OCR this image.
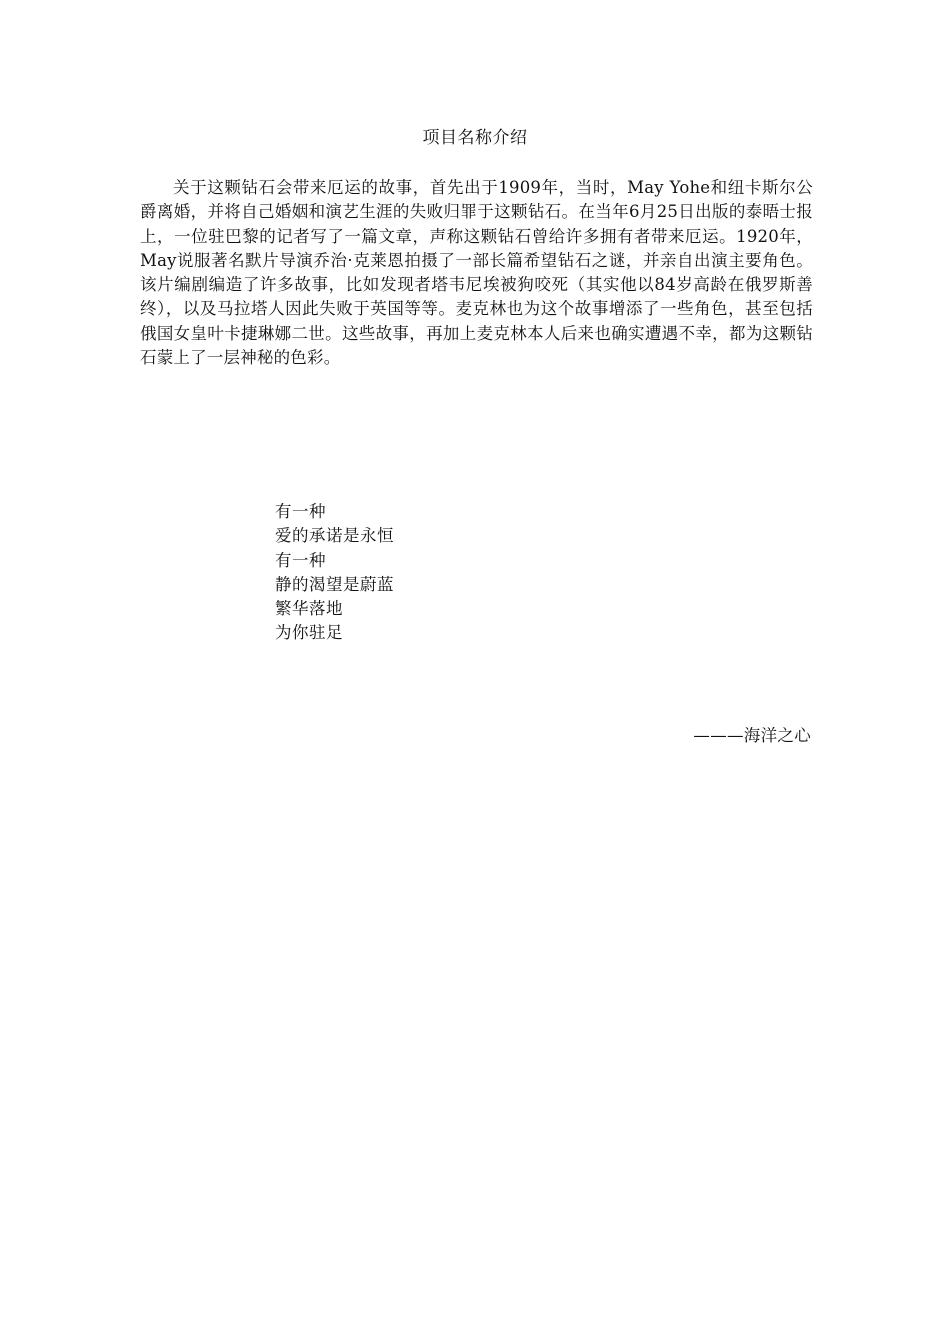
项目名称介绍

关于这颗钻石会带来厄运的故事，首先出于1909年，当时，May Yohe和纽卡斯尔公爵离婚，并将自己婚姻和演艺生涯的失败归罪于这颗钻石。在当年6月25日出版的泰晤士报上，一位驻巴黎的记者写了一篇文章，声称这颗钻石曾给许多拥有者带来厄运。1920年，May说服著名默片导演乔治·克莱恩拍摄了一部长篇希望钻石之谜，并亲自出演主要角色。该片编剧编造了许多故事，比如发现者塔韦尼埃被狗咬死（其实他以84岁高龄在俄罗斯善终），以及马拉塔人因此失败于英国等等。麦克林也为这个故事增添了一些角色，甚至包括俄国女皇叶卡捷琳娜二世。这些故事，再加上麦克林本人后来也确实遭遇不幸，都为这颗钻石蒙上了一层神秘的色彩。

有一种
爱的承诺是永恒
有一种
静的渴望是蔚蓝
繁华落地
为你驻足
———海洋之心
